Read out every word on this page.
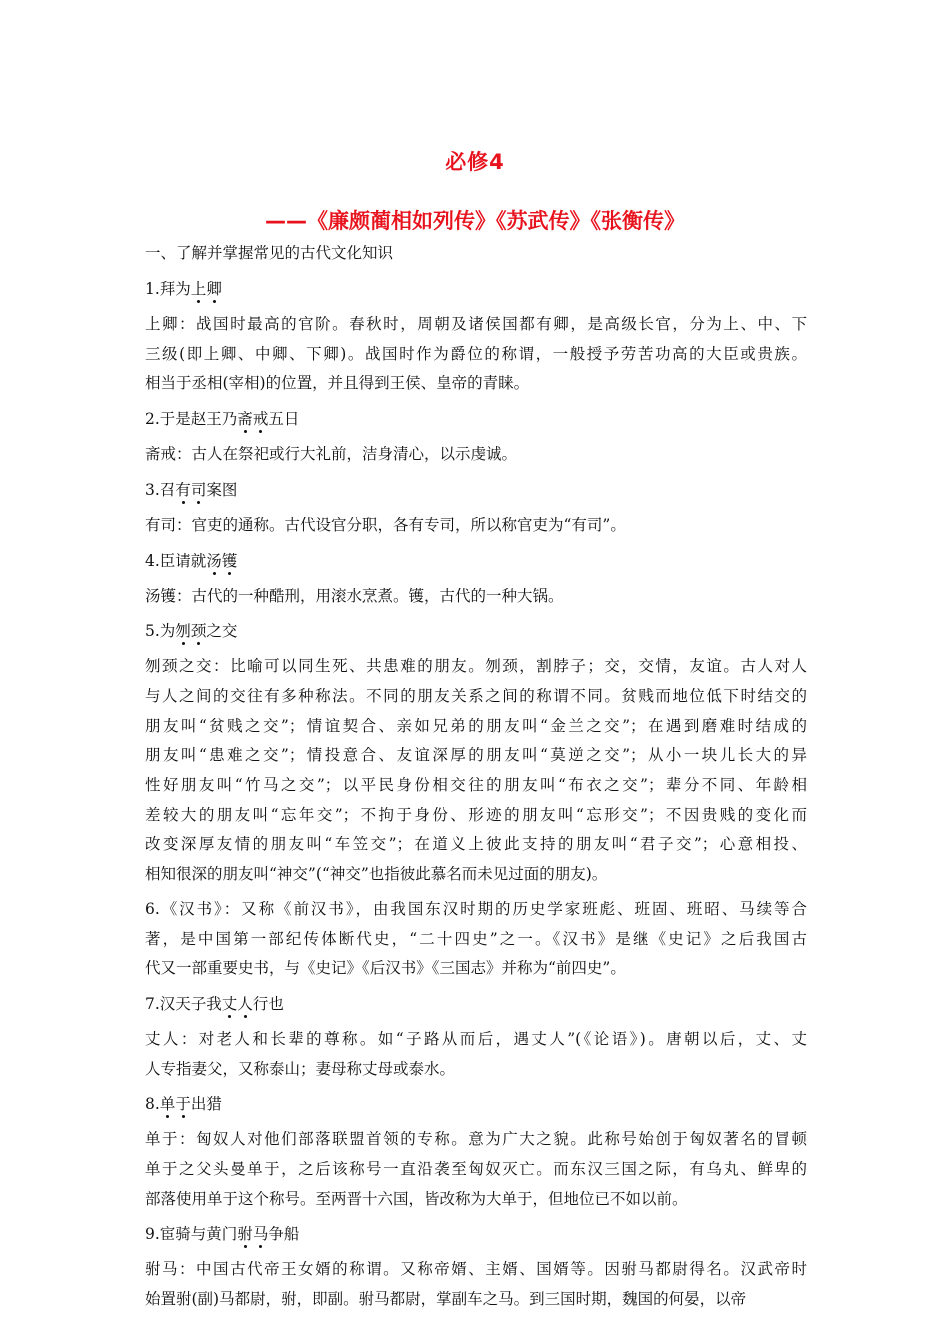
必修4
——《廉颇蔺相如列传》《苏武传》《张衡传》
一、了解并掌握常见的古代文化知识
1.拜为上卿
上卿：战国时最高的官阶。春秋时，周朝及诸侯国都有卿，是高级长官，分为上、中、下
三级(即上卿、中卿、下卿)。战国时作为爵位的称谓，一般授予劳苦功高的大臣或贵族。
相当于丞相(宰相)的位置，并且得到王侯、皇帝的青睐。
2.于是赵王乃斋戒五日
斋戒：古人在祭祀或行大礼前，洁身清心，以示虔诚。
3.召有司案图
有司：官吏的通称。古代设官分职，各有专司，所以称官吏为“有司”。
4.臣请就汤镬
汤镬：古代的一种酷刑，用滚水烹煮。镬，古代的一种大锅。
5.为刎颈之交
刎颈之交：比喻可以同生死、共患难的朋友。刎颈，割脖子；交，交情，友谊。古人对人
与人之间的交往有多种称法。不同的朋友关系之间的称谓不同。贫贱而地位低下时结交的
朋友叫“贫贱之交”；情谊契合、亲如兄弟的朋友叫“金兰之交”；在遇到磨难时结成的
朋友叫“患难之交”；情投意合、友谊深厚的朋友叫“莫逆之交”；从小一块儿长大的异
性好朋友叫“竹马之交”；以平民身份相交往的朋友叫“布衣之交”；辈分不同、年龄相
差较大的朋友叫“忘年交”；不拘于身份、形迹的朋友叫“忘形交”；不因贵贱的变化而
改变深厚友情的朋友叫“车笠交”；在道义上彼此支持的朋友叫“君子交”；心意相投、
相知很深的朋友叫“神交”(“神交”也指彼此慕名而未见过面的朋友)。
6.《汉书》：又称《前汉书》，由我国东汉时期的历史学家班彪、班固、班昭、马续等合
著，是中国第一部纪传体断代史，“二十四史”之一。《汉书》是继《史记》之后我国古
代又一部重要史书，与《史记》《后汉书》《三国志》并称为“前四史”。
7.汉天子我丈人行也
丈人：对老人和长辈的尊称。如“子路从而后，遇丈人”(《论语》)。唐朝以后，丈、丈
人专指妻父，又称泰山；妻母称丈母或泰水。
8.单于出猎
单于：匈奴人对他们部落联盟首领的专称。意为广大之貌。此称号始创于匈奴著名的冒顿
单于之父头曼单于，之后该称号一直沿袭至匈奴灭亡。而东汉三国之际，有乌丸、鲜卑的
部落使用单于这个称号。至两晋十六国，皆改称为大单于，但地位已不如以前。
9.宦骑与黄门驸马争船
驸马：中国古代帝王女婿的称谓。又称帝婿、主婿、国婿等。因驸马都尉得名。汉武帝时
始置驸(副)马都尉，驸，即副。驸马都尉，掌副车之马。到三国时期，魏国的何晏，以帝
